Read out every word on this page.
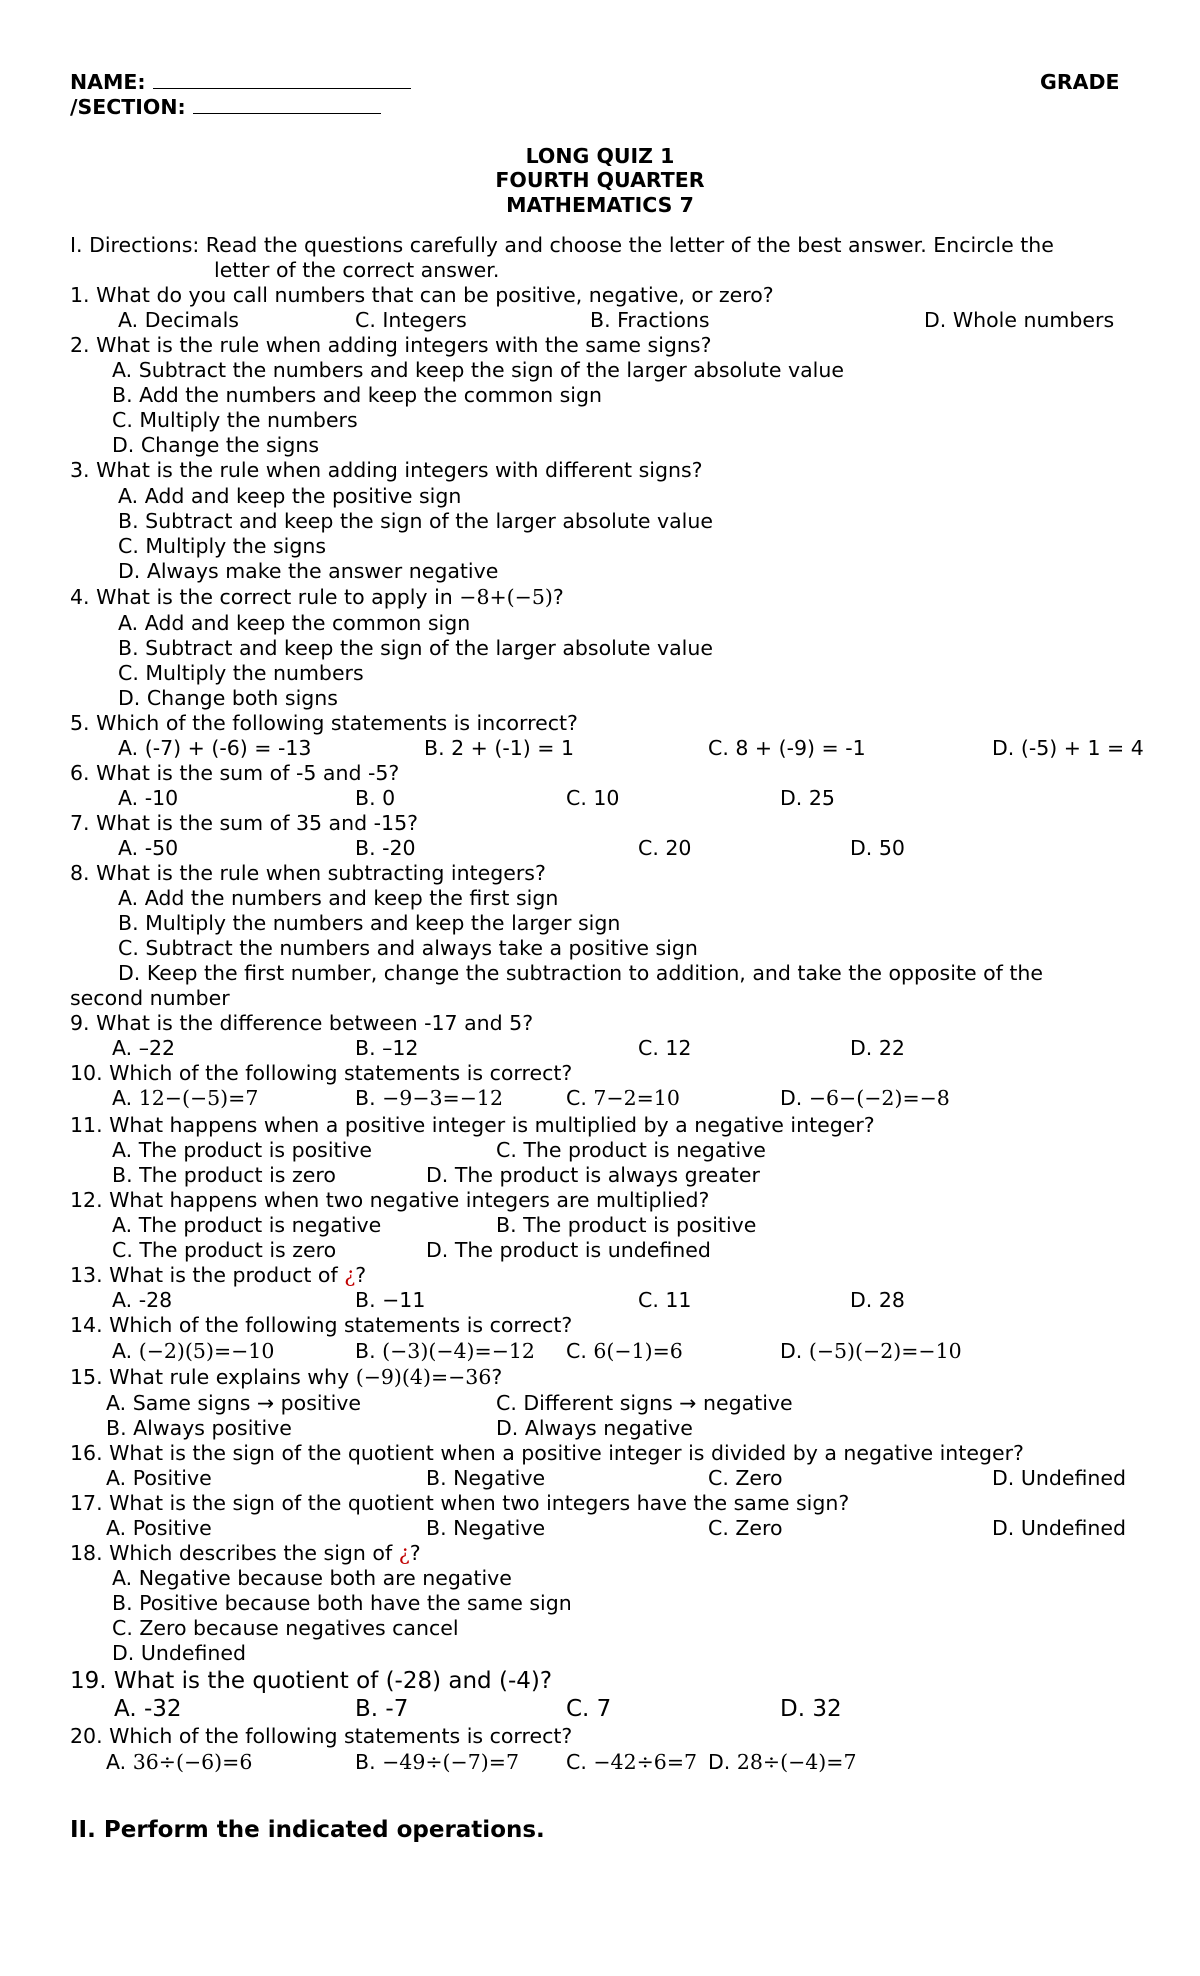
NAME:	GRADE
/SECTION:
LONG QUIZ 1
FOURTH QUARTER
MATHEMATICS 7
I. Directions: Read the questions carefully and choose the letter of the best answer. Encircle the
letter of the correct answer.
1. What do you call numbers that can be positive, negative, or zero?
A. Decimals	C. Integers	B. Fractions	D. Whole numbers
2. What is the rule when adding integers with the same signs?
A. Subtract the numbers and keep the sign of the larger absolute value
B. Add the numbers and keep the common sign
C. Multiply the numbers
D. Change the signs
3. What is the rule when adding integers with different signs?
A. Add and keep the positive sign
B. Subtract and keep the sign of the larger absolute value
C. Multiply the signs
D. Always make the answer negative
4. What is the correct rule to apply in −8+(−5)?
A. Add and keep the common sign
B. Subtract and keep the sign of the larger absolute value
C. Multiply the numbers
D. Change both signs
5. Which of the following statements is incorrect?
A. (-7) + (-6) = -13	B. 2 + (-1) = 1	C. 8 + (-9) = -1	D. (-5) + 1 = 4
6. What is the sum of -5 and -5?
A. -10	B. 0	C. 10	D. 25
7. What is the sum of 35 and -15?
A. -50	B. -20	C. 20	D. 50
8. What is the rule when subtracting integers?
A. Add the numbers and keep the first sign
B. Multiply the numbers and keep the larger sign
C. Subtract the numbers and always take a positive sign
D. Keep the first number, change the subtraction to addition, and take the opposite of the
second number
9. What is the difference between -17 and 5?
A. –22	B. –12	C. 12	D. 22
10. Which of the following statements is correct?
A. 12−(−5)=7	B. −9−3=−12	C. 7−2=10	D. −6−(−2)=−8
11. What happens when a positive integer is multiplied by a negative integer?
A. The product is positive	C. The product is negative
B. The product is zero	D. The product is always greater
12. What happens when two negative integers are multiplied?
A. The product is negative	B. The product is positive
C. The product is zero	D. The product is undefined
13. What is the product of ¿?
A. -28	B. −11	C. 11	D. 28
14. Which of the following statements is correct?
A. (−2)(5)=−10	B. (−3)(−4)=−12 C. 6(−1)=6	D. (−5)(−2)=−10
15. What rule explains why (−9)(4)=−36?
A. Same signs → positive	C. Different signs → negative
B. Always positive	D. Always negative
16. What is the sign of the quotient when a positive integer is divided by a negative integer?
A. Positive	B. Negative	C. Zero	D. Undefined
17. What is the sign of the quotient when two integers have the same sign?
A. Positive	B. Negative	C. Zero	D. Undefined
18. Which describes the sign of ¿?
A. Negative because both are negative
B. Positive because both have the same sign
C. Zero because negatives cancel
D. Undefined
19. What is the quotient of (-28) and (-4)?
A. -32	B. -7	C. 7	D. 32
20. Which of the following statements is correct?
A. 36÷(−6)=6	B. −49÷(−7)=7 C. −42÷6=7 D. 28÷(−4)=7
II. Perform the indicated operations.
